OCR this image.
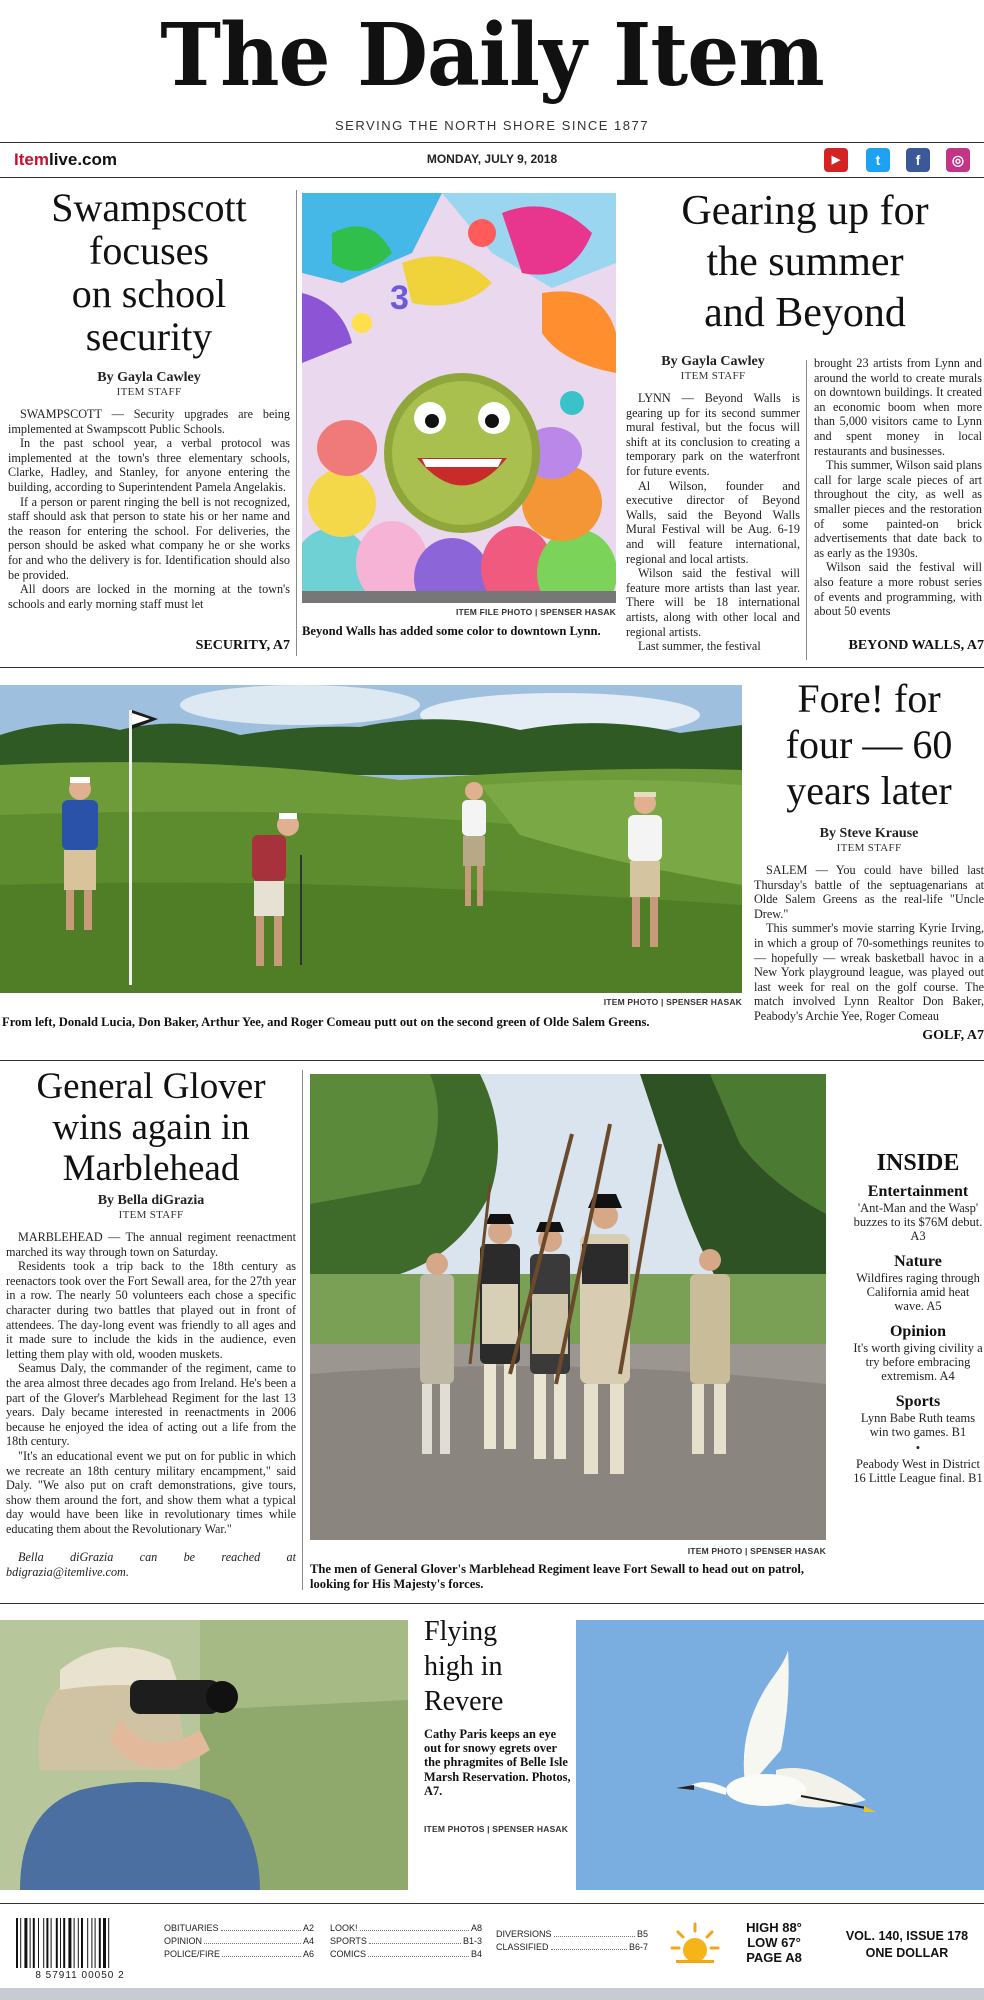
The Daily Item
SERVING THE NORTH SHORE SINCE 1877
Itemlive.com	MONDAY, JULY 9, 2018	▶	t	f	◎
Swampscott
focuses
on school
security
By Gayla Cawley
ITEM STAFF

SWAMPSCOTT — Security upgrades are being implemented at Swampscott Public Schools.

In the past school year, a verbal protocol was implemented at the town's three elementary schools, Clarke, Hadley, and Stanley, for anyone entering the building, according to Superintendent Pamela Angelakis.

If a person or parent ringing the bell is not recognized, staff should ask that person to state his or her name and the reason for entering the school. For deliveries, the person should be asked what company he or she works for and who the delivery is for. Identification should also be provided.

All doors are locked in the morning at the town's schools and early morning staff must let

SECURITY, A7
3
ITEM FILE PHOTO | SPENSER HASAK
Beyond Walls has added some color to downtown Lynn.
Gearing up for
the summer
and Beyond
By Gayla Cawley
ITEM STAFF

LYNN — Beyond Walls is gearing up for its second summer mural festival, but the focus will shift at its conclusion to creating a temporary park on the waterfront for future events.

Al Wilson, founder and executive director of Beyond Walls, said the Beyond Walls Mural Festival will be Aug. 6-19 and will feature international, regional and local artists.

Wilson said the festival will feature more artists than last year. There will be 18 international artists, along with other local and regional artists.

Last summer, the festival

brought 23 artists from Lynn and around the world to create murals on downtown buildings. It created an economic boom when more than 5,000 visitors came to Lynn and spent money in local restaurants and businesses.

This summer, Wilson said plans call for large scale pieces of art throughout the city, as well as smaller pieces and the restoration of some painted-on brick advertisements that date back to as early as the 1930s.

Wilson said the festival will also feature a more robust series of events and programming, with about 50 events

BEYOND WALLS, A7
ITEM PHOTO | SPENSER HASAK
From left, Donald Lucia, Don Baker, Arthur Yee, and Roger Comeau putt out on the second green of Olde Salem Greens.
Fore! for
four — 60
years later
By Steve Krause
ITEM STAFF

SALEM — You could have billed last Thursday's battle of the septuagenarians at Olde Salem Greens as the real-life "Uncle Drew."

This summer's movie starring Kyrie Irving, in which a group of 70-somethings reunites to — hopefully — wreak basketball havoc in a New York playground league, was played out last week for real on the golf course. The match involved Lynn Realtor Don Baker, Peabody's Archie Yee, Roger Comeau

GOLF, A7
General Glover
wins again in
Marblehead
By Bella diGrazia
ITEM STAFF

MARBLEHEAD — The annual regiment reenactment marched its way through town on Saturday.

Residents took a trip back to the 18th century as reenactors took over the Fort Sewall area, for the 27th year in a row. The nearly 50 volunteers each chose a specific character during two battles that played out in front of attendees. The day-long event was friendly to all ages and it made sure to include the kids in the audience, even letting them play with old, wooden muskets.

Seamus Daly, the commander of the regiment, came to the area almost three decades ago from Ireland. He's been a part of the Glover's Marblehead Regiment for the last 13 years. Daly became interested in reenactments in 2006 because he enjoyed the idea of acting out a life from the 18th century.

"It's an educational event we put on for public in which we recreate an 18th century military encampment," said Daly. "We also put on craft demonstrations, give tours, show them around the fort, and show them what a typical day would have been like in revolutionary times while educating them about the Revolutionary War."

Bella diGrazia can be reached at bdigrazia@itemlive.com.

ITEM PHOTO | SPENSER HASAK
The men of General Glover's Marblehead Regiment leave Fort Sewall to head out on patrol, looking for His Majesty's forces.
INSIDE
Entertainment

'Ant-Man and the Wasp' buzzes to its $76M debut. A3

Nature

Wildfires raging through California amid heat wave. A5

Opinion

It's worth giving civility a try before embracing extremism. A4

Sports

Lynn Babe Ruth teams win two games. B1

•

Peabody West in District 16 Little League final. B1

Flying
high in
Revere
Cathy Paris keeps an eye out for snowy egrets over the phragmites of Belle Isle Marsh Reservation. Photos, A7.
ITEM PHOTOS | SPENSER HASAK
8 57911 00050 2
OBITUARIES	A2
OPINION	A4
POLICE/FIRE	A6
LOOK!	A8
SPORTS	B1-3
COMICS	B4
DIVERSIONS	B5
CLASSIFIED	B6-7
HIGH 88°
LOW 67°
PAGE A8
VOL. 140, ISSUE 178
ONE DOLLAR
